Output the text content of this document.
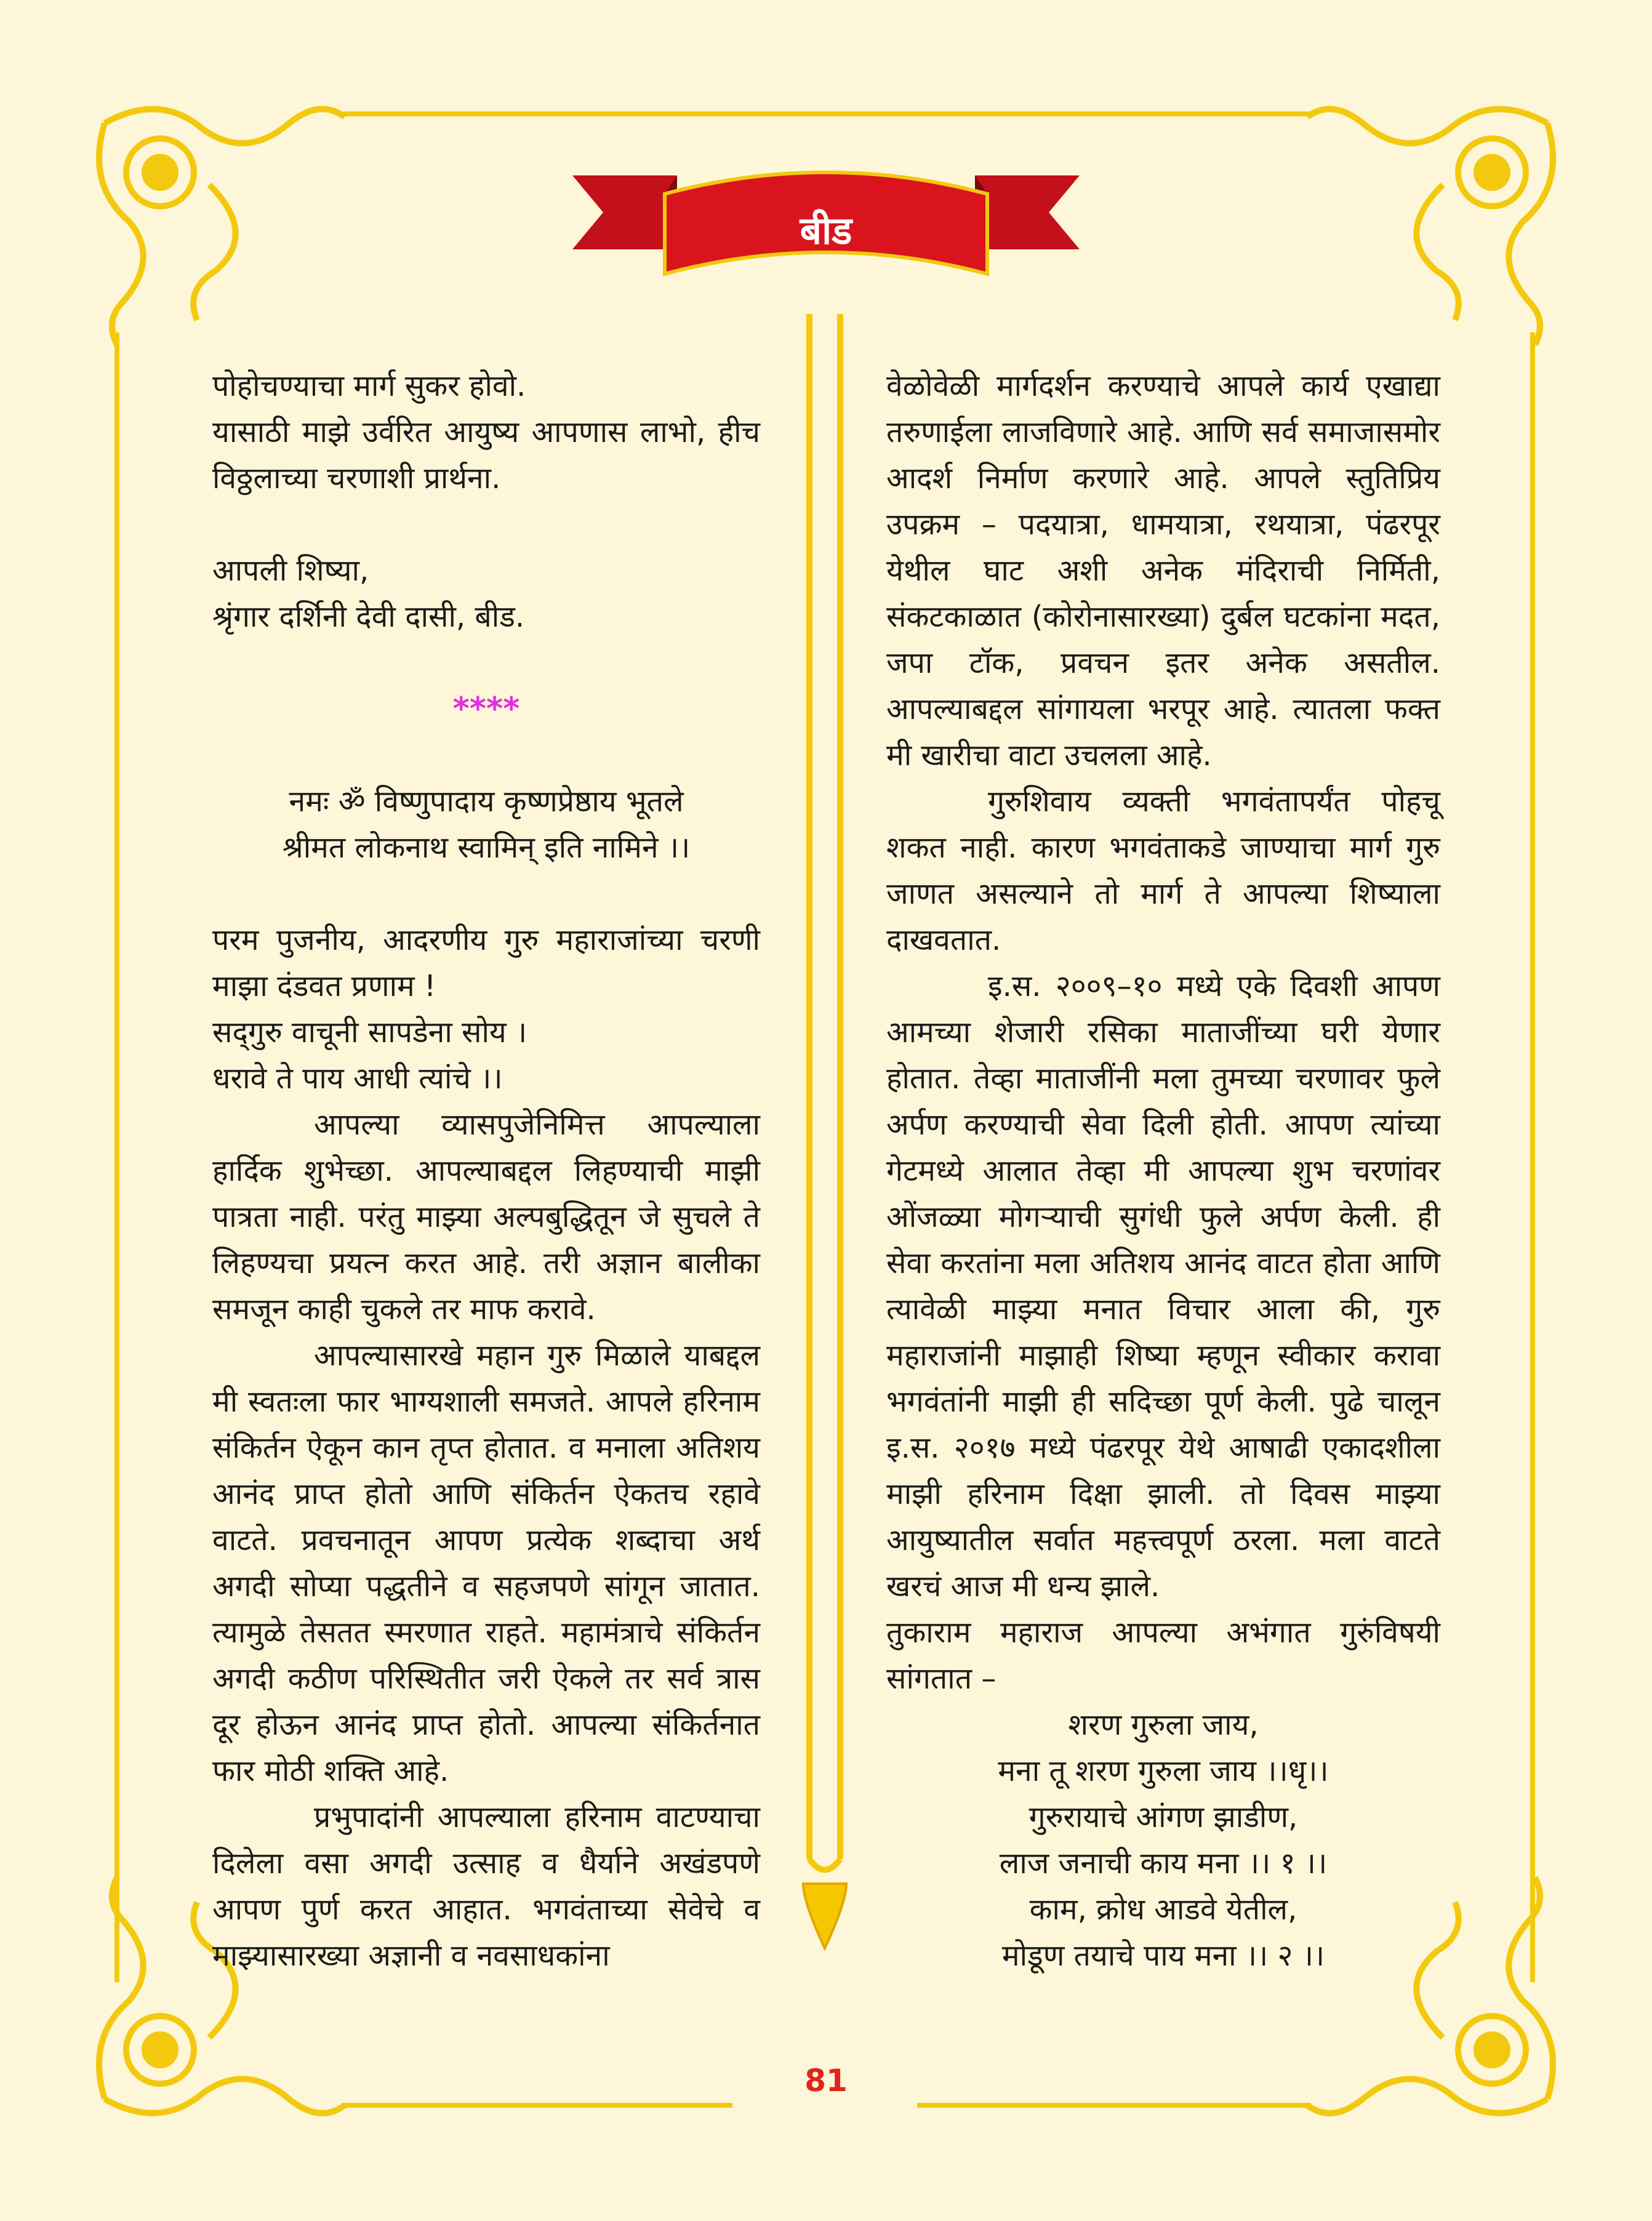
बीड

पोहोचण्याचा मार्ग सुकर होवो.

यासाठी माझे उर्वरित आयुष्य आपणास लाभो, हीच विठ्ठलाच्या चरणाशी प्रार्थना.

आपली शिष्या,

श्रृंगार दर्शिनी देवी दासी, बीड.

****

नमः ॐ विष्णुपादाय कृष्णप्रेष्ठाय भूतले

श्रीमत लोकनाथ स्वामिन् इति नामिने ।।

परम पुजनीय, आदरणीय गुरु महाराजांच्या चरणी माझा दंडवत प्रणाम !

सद्‌गुरु वाचूनी सापडेना सोय ।

धरावे ते पाय आधी त्यांचे ।।

आपल्या व्यासपुजेनिमित्त आपल्याला हार्दिक शुभेच्छा. आपल्याबद्दल लिहण्याची माझी पात्रता नाही. परंतु माझ्या अल्पबुद्धितून जे सुचले ते लिहण्यचा प्रयत्न करत आहे. तरी अज्ञान बालीका समजून काही चुकले तर माफ करावे.

आपल्यासारखे महान गुरु मिळाले याबद्दल मी स्वतःला फार भाग्यशाली समजते. आपले हरिनाम संकिर्तन ऐकून कान तृप्त होतात. व मनाला अतिशय आनंद प्राप्त होतो आणि संकिर्तन ऐकतच रहावे वाटते. प्रवचनातून आपण प्रत्येक शब्दाचा अर्थ अगदी सोप्या पद्धतीने व सहजपणे सांगून जातात. त्यामुळे तेसतत स्मरणात राहते. महामंत्राचे संकिर्तन अगदी कठीण परिस्थितीत जरी ऐकले तर सर्व त्रास दूर होऊन आनंद प्राप्त होतो. आपल्या संकिर्तनात फार मोठी शक्ति आहे.

प्रभुपादांनी आपल्याला हरिनाम वाटण्याचा दिलेला वसा अगदी उत्साह व धैर्याने अखंडपणे आपण पुर्ण करत आहात. भगवंताच्या सेवेचे व माझ्यासारख्या अज्ञानी व नवसाधकांना

वेळोवेळी मार्गदर्शन करण्याचे आपले कार्य एखाद्या तरुणाईला लाजविणारे आहे. आणि सर्व समाजासमोर आदर्श निर्माण करणारे आहे. आपले स्तुतिप्रिय उपक्रम – पदयात्रा, धामयात्रा, रथयात्रा, पंढरपूर येथील घाट अशी अनेक मंदिराची निर्मिती, संकटकाळात (कोरोनासारख्या) दुर्बल घटकांना मदत, जपा टॉक, प्रवचन इतर अनेक असतील. आपल्याबद्दल सांगायला भरपूर आहे. त्यातला फक्त मी खारीचा वाटा उचलला आहे.

गुरुशिवाय व्यक्ती भगवंतापर्यंत पोहचू शकत नाही. कारण भगवंताकडे जाण्याचा मार्ग गुरु जाणत असल्याने तो मार्ग ते आपल्या शिष्याला दाखवतात.

इ.स. २००९–१० मध्ये एके दिवशी आपण आमच्या शेजारी रसिका माताजींच्या घरी येणार होतात. तेव्हा माताजींनी मला तुमच्या चरणावर फुले अर्पण करण्याची सेवा दिली होती. आपण त्यांच्या गेटमध्ये आलात तेव्हा मी आपल्या शुभ चरणांवर ओंजळ्या मोगऱ्याची सुगंधी फुले अर्पण केली. ही सेवा करतांना मला अतिशय आनंद वाटत होता आणि त्यावेळी माझ्या मनात विचार आला की, गुरु महाराजांनी माझाही शिष्या म्हणून स्वीकार करावा भगवंतांनी माझी ही सदिच्छा पूर्ण केली. पुढे चालून इ.स. २०१७ मध्ये पंढरपूर येथे आषाढी एकादशीला माझी हरिनाम दिक्षा झाली. तो दिवस माझ्या आयुष्यातील सर्वात महत्त्वपूर्ण ठरला. मला वाटते खरचं आज मी धन्य झाले.

तुकाराम महाराज आपल्या अभंगात गुरुंविषयी सांगतात –

शरण गुरुला जाय,

मना तू शरण गुरुला जाय ।।धृ।।

गुरुरायाचे आंगण झाडीण,

लाज जनाची काय मना ।। १ ।।

काम, क्रोध आडवे येतील,

मोडूण तयाचे पाय मना ।। २ ।।

81
